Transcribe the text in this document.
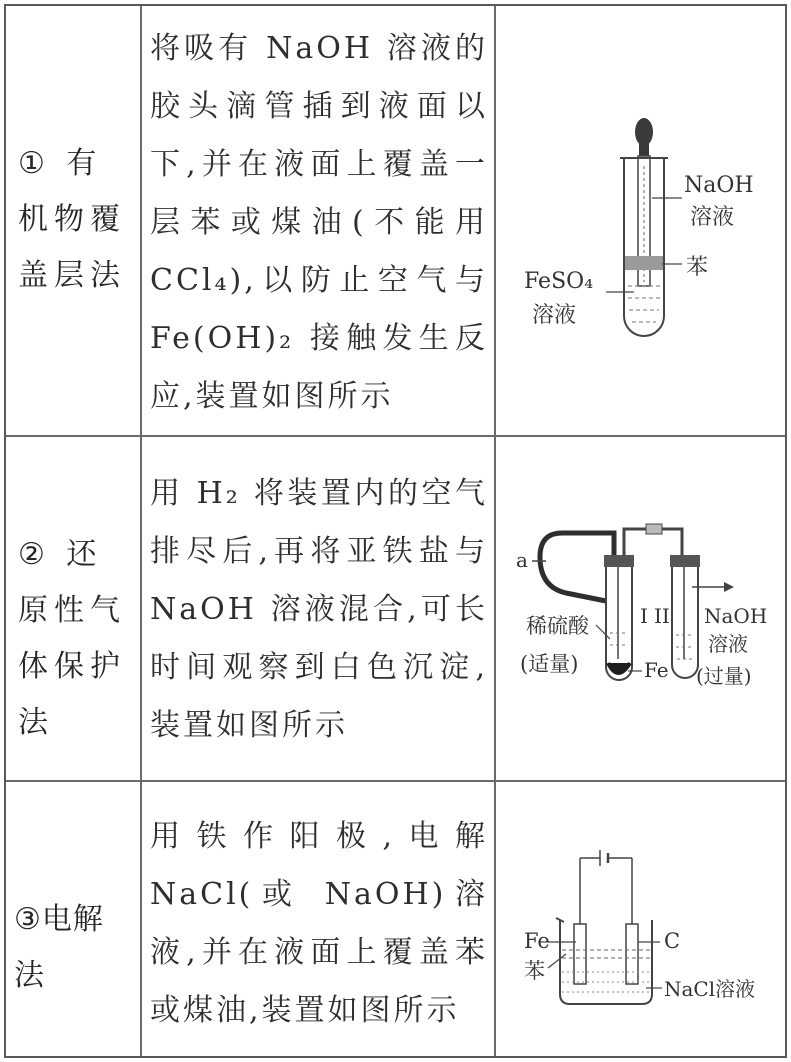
① 有机物覆盖层法
将吸有 NaOH 溶液的胶头滴管插到液面以下,并在液面上覆盖一层苯或煤油(不能用 CCl₄),以防止空气与 Fe(OH)₂ 接触发生反应,装置如图所示
NaOH
溶液
苯
FeSO₄
溶液
② 还原性气体保护法
用 H₂ 将装置内的空气排尽后,再将亚铁盐与 NaOH 溶液混合,可长时间观察到白色沉淀,装置如图所示
a
I II
稀硫酸
(适量)	Fe
NaOH
溶液
(过量)
③电解法
用铁作阳极,电解 NaCl(或 NaOH)溶液,并在液面上覆盖苯或煤油,装置如图所示
Fe
苯
C
NaCl溶液
